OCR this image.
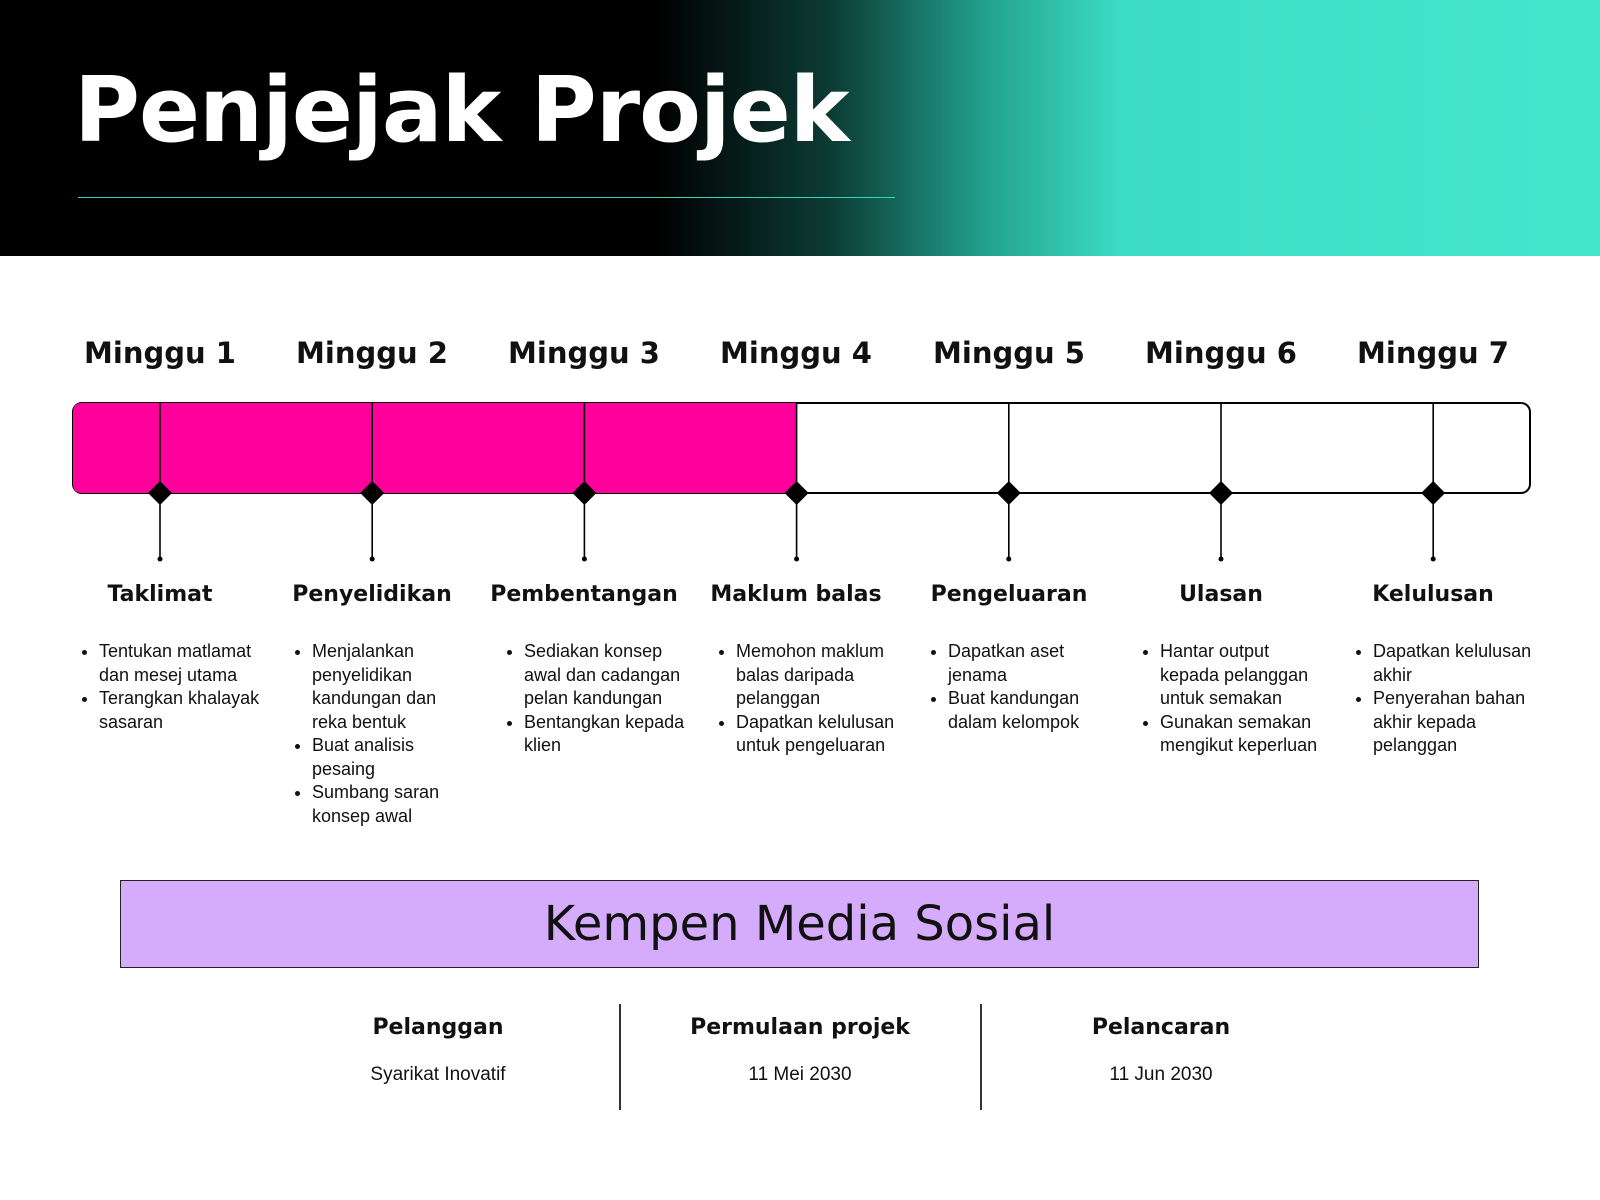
Penjejak Projek
Minggu 1	Minggu 2	Minggu 3	Minggu 4	Minggu 5	Minggu 6	Minggu 7
Taklimat	Penyelidikan	Pembentangan	Maklum balas	Pengeluaran	Ulasan	Kelulusan
• Tentukan matlamat dan mesej utama
• Terangkan khalayak sasaran
• Menjalankan penyelidikan kandungan dan reka bentuk
• Buat analisis pesaing
• Sumbang saran konsep awal
• Sediakan konsep awal dan cadangan pelan kandungan
• Bentangkan kepada klien
• Memohon maklum balas daripada pelanggan
• Dapatkan kelulusan untuk pengeluaran
• Dapatkan aset jenama
• Buat kandungan dalam kelompok
• Hantar output kepada pelanggan untuk semakan
• Gunakan semakan mengikut keperluan
• Dapatkan kelulusan akhir
• Penyerahan bahan akhir kepada pelanggan
Kempen Media Sosial
Pelanggan
Syarikat Inovatif
Permulaan projek
11 Mei 2030
Pelancaran
11 Jun 2030
